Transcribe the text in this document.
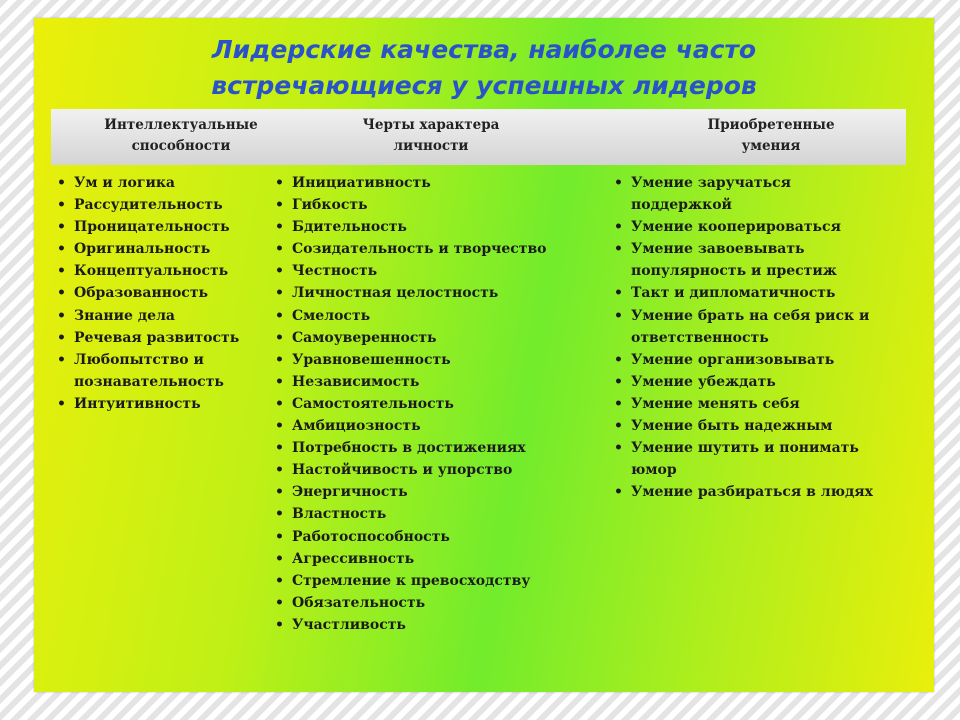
Лидерские качества, наиболее часто
встречающиеся у успешных лидеров
Интеллектуальные
способности
Черты характера
личности
Приобретенные
умения
• Ум и логика
• Рассудительность
• Проницательность
• Оригинальность
• Концептуальность
• Образованность
• Знание дела
• Речевая развитость
• Любопытство и
познавательность
• Интуитивность
• Инициативность
• Гибкость
• Бдительность
• Созидательность и творчество
• Честность
• Личностная целостность
• Смелость
• Самоуверенность
• Уравновешенность
• Независимость
• Самостоятельность
• Амбициозность
• Потребность в достижениях
• Настойчивость и упорство
• Энергичность
• Властность
• Работоспособность
• Агрессивность
• Стремление к превосходству
• Обязательность
• Участливость
• Умение заручаться
поддержкой
• Умение кооперироваться
• Умение завоевывать
популярность и престиж
• Такт и дипломатичность
• Умение брать на себя риск и
ответственность
• Умение организовывать
• Умение убеждать
• Умение менять себя
• Умение быть надежным
• Умение шутить и понимать
юмор
• Умение разбираться в людях
